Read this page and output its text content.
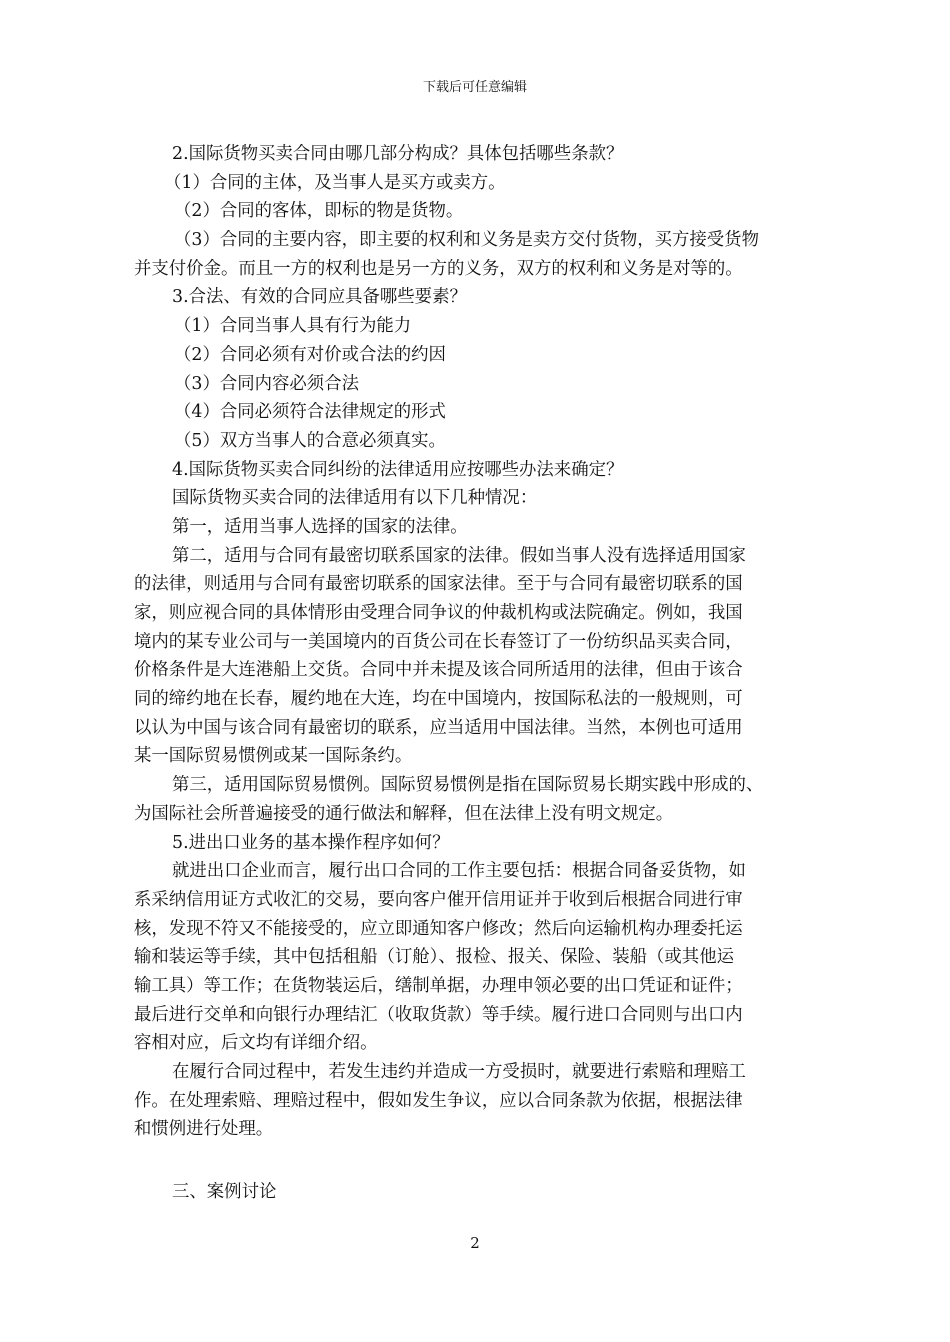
下载后可任意编辑
2.国际货物买卖合同由哪几部分构成？具体包括哪些条款？
（1）合同的主体，及当事人是买方或卖方。
（2）合同的客体，即标的物是货物。
（3）合同的主要内容，即主要的权利和义务是卖方交付货物，买方接受货物
并支付价金。而且一方的权利也是另一方的义务，双方的权利和义务是对等的。
3.合法、有效的合同应具备哪些要素？
（1）合同当事人具有行为能力
（2）合同必须有对价或合法的约因
（3）合同内容必须合法
（4）合同必须符合法律规定的形式
（5）双方当事人的合意必须真实。
4.国际货物买卖合同纠纷的法律适用应按哪些办法来确定？
国际货物买卖合同的法律适用有以下几种情况：
第一，适用当事人选择的国家的法律。
第二，适用与合同有最密切联系国家的法律。假如当事人没有选择适用国家
的法律，则适用与合同有最密切联系的国家法律。至于与合同有最密切联系的国
家，则应视合同的具体情形由受理合同争议的仲裁机构或法院确定。例如，我国
境内的某专业公司与一美国境内的百货公司在长春签订了一份纺织品买卖合同，
价格条件是大连港船上交货。合同中并未提及该合同所适用的法律，但由于该合
同的缔约地在长春，履约地在大连，均在中国境内，按国际私法的一般规则，可
以认为中国与该合同有最密切的联系，应当适用中国法律。当然，本例也可适用
某一国际贸易惯例或某一国际条约。
第三，适用国际贸易惯例。国际贸易惯例是指在国际贸易长期实践中形成的、
为国际社会所普遍接受的通行做法和解释，但在法律上没有明文规定。
5.进出口业务的基本操作程序如何？
就进出口企业而言，履行出口合同的工作主要包括：根据合同备妥货物，如
系采纳信用证方式收汇的交易，要向客户催开信用证并于收到后根据合同进行审
核，发现不符又不能接受的，应立即通知客户修改；然后向运输机构办理委托运
输和装运等手续，其中包括租船（订舱）、报检、报关、保险、装船（或其他运
输工具）等工作；在货物装运后，缮制单据，办理申领必要的出口凭证和证件；
最后进行交单和向银行办理结汇（收取货款）等手续。履行进口合同则与出口内
容相对应，后文均有详细介绍。
在履行合同过程中，若发生违约并造成一方受损时，就要进行索赔和理赔工
作。在处理索赔、理赔过程中，假如发生争议，应以合同条款为依据，根据法律
和惯例进行处理。
三、案例讨论
2
